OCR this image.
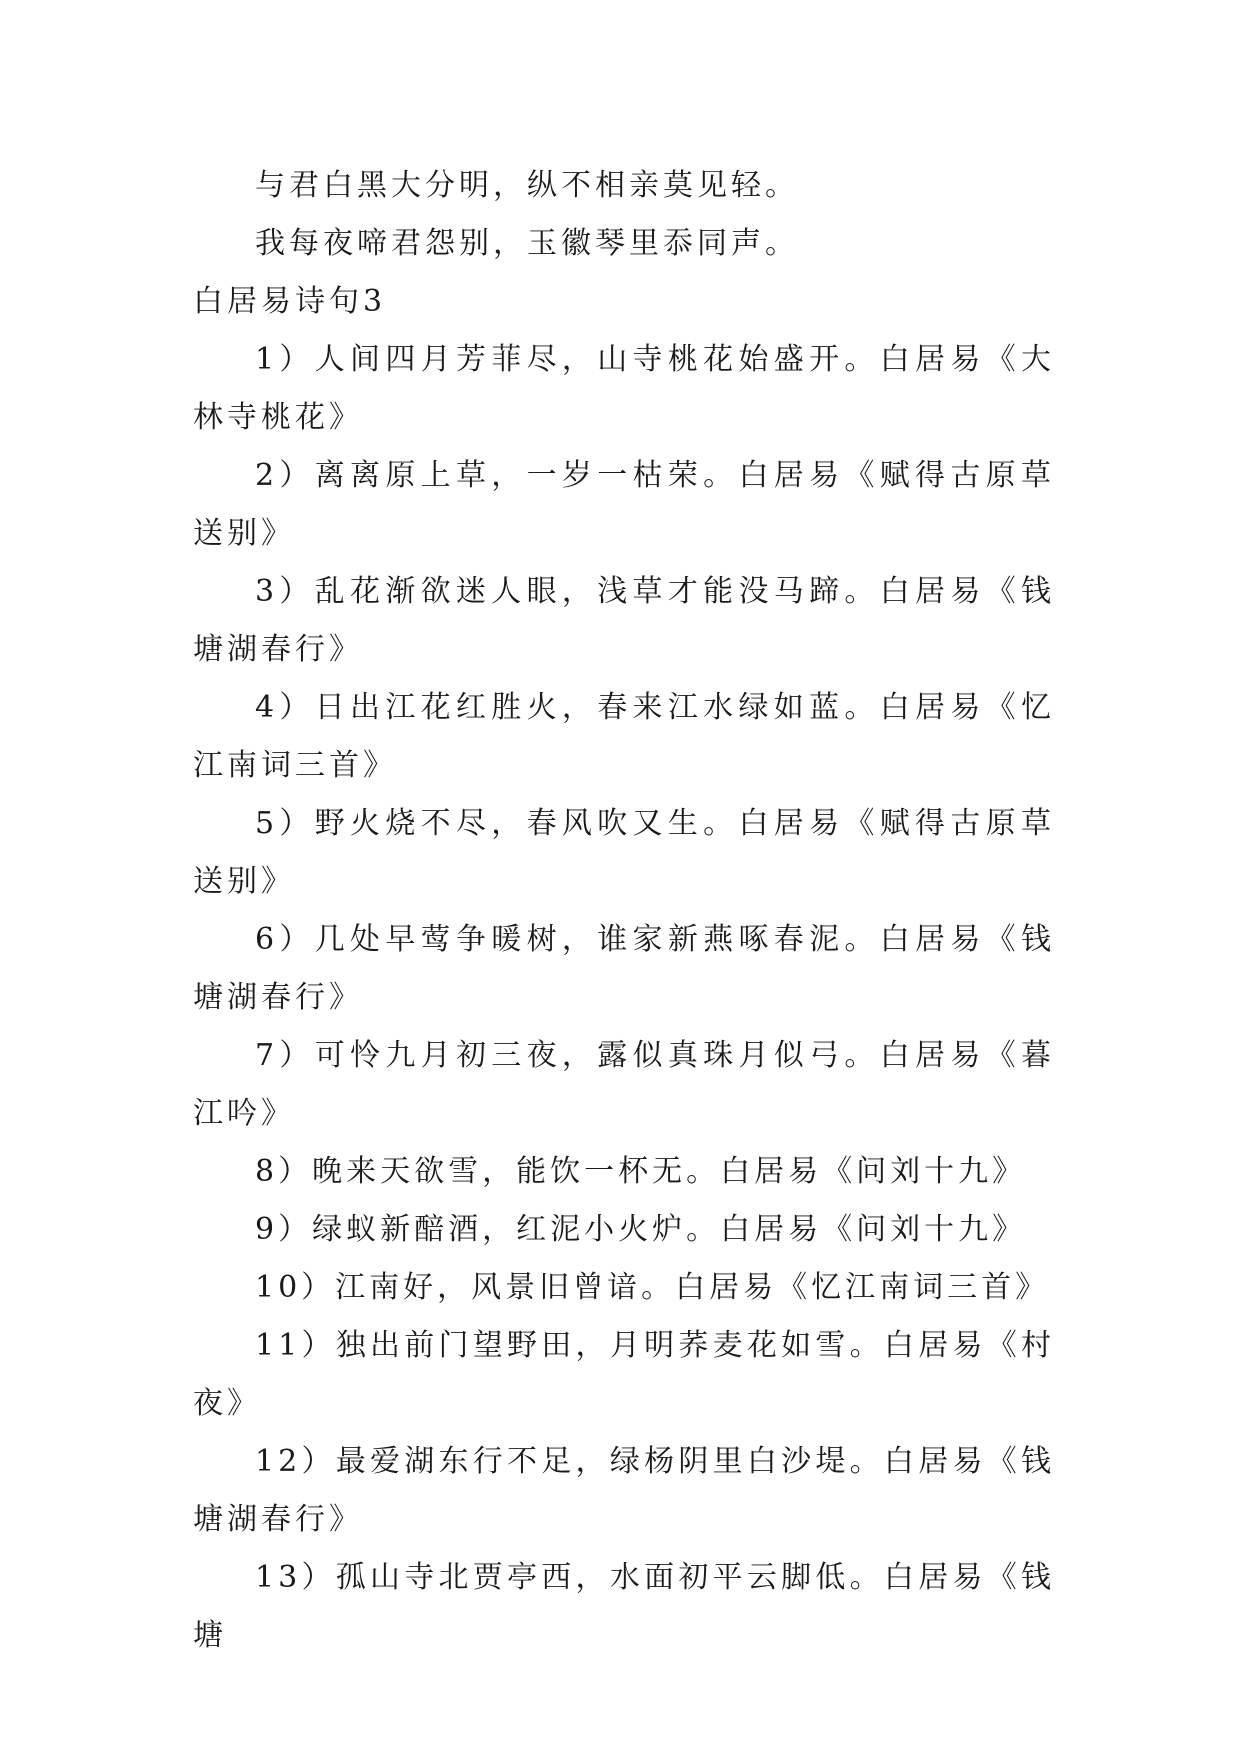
与君白黑大分明，纵不相亲莫见轻。

我每夜啼君怨别，玉徽琴里忝同声。

白居易诗句3

1）人间四月芳菲尽，山寺桃花始盛开。白居易《大林寺桃花》

2）离离原上草，一岁一枯荣。白居易《赋得古原草送别》

3）乱花渐欲迷人眼，浅草才能没马蹄。白居易《钱塘湖春行》

4）日出江花红胜火，春来江水绿如蓝。白居易《忆江南词三首》

5）野火烧不尽，春风吹又生。白居易《赋得古原草送别》

6）几处早莺争暖树，谁家新燕啄春泥。白居易《钱塘湖春行》

7）可怜九月初三夜，露似真珠月似弓。白居易《暮江吟》

8）晚来天欲雪，能饮一杯无。白居易《问刘十九》

9）绿蚁新醅酒，红泥小火炉。白居易《问刘十九》

10）江南好，风景旧曾谙。白居易《忆江南词三首》

11）独出前门望野田，月明荞麦花如雪。白居易《村夜》

12）最爱湖东行不足，绿杨阴里白沙堤。白居易《钱塘湖春行》

13）孤山寺北贾亭西，水面初平云脚低。白居易《钱塘
